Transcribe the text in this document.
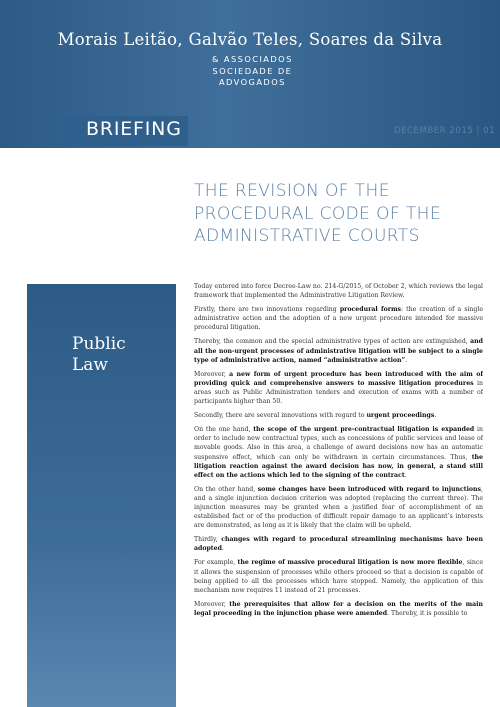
Morais Leitão, Galvão Teles, Soares da Silva
& ASSOCIADOS
SOCIEDADE DE
ADVOGADOS
BRIEFING	DECEMBER 2015 | 01
THE REVISION OF THE
PROCEDURAL CODE OF THE
ADMINISTRATIVE COURTS
Public
Law

Today entered into force Decree-Law no. 214-G/2015, of October 2, which reviews the legal framework that implemented the Administrative Litigation Review.

Firstly, there are two innovations regarding procedural forms: the creation of a single administrative action and the adoption of a new urgent procedure intended for massive procedural litigation.

Thereby, the common and the special administrative types of action are extinguished, and all the non-urgent processes of administrative litigation will be subject to a single type of administrative action, named “administrative action”.

Moreover, a new form of urgent procedure has been introduced with the aim of providing quick and comprehensive answers to massive litigation procedures in areas such as Public Administration tenders and execution of exams with a number of participants higher than 50.

Secondly, there are several innovations with regard to urgent proceedings.

On the one hand, the scope of the urgent pre-contractual litigation is expanded in order to include new contractual types, such as concessions of public services and lease of movable goods. Also in this area, a challenge of award decisions now has an automatic suspensive effect, which can only be withdrawn in certain circumstances. Thus, the litigation reaction against the award decision has now, in general, a stand still effect on the actions which led to the signing of the contract.

On the other hand, some changes have been introduced with regard to injunctions, and a single injunction decision criterion was adopted (replacing the current three). The injunction measures may be granted when a justified fear of accomplishment of an established fact or of the production of difficult repair damage to an applicant’s interests are demonstrated, as long as it is likely that the claim will be upheld.

Thirdly, changes with regard to procedural streamlining mechanisms have been adopted.

For example, the regime of massive procedural litigation is now more flexible, since it allows the suspension of processes while others proceed so that a decision is capable of being applied to all the processes which have stopped. Namely, the application of this mechanism now requires 11 instead of 21 processes.

Moreover, the prerequisites that allow for a decision on the merits of the main legal proceeding in the injunction phase were amended. Thereby, it is possible to
